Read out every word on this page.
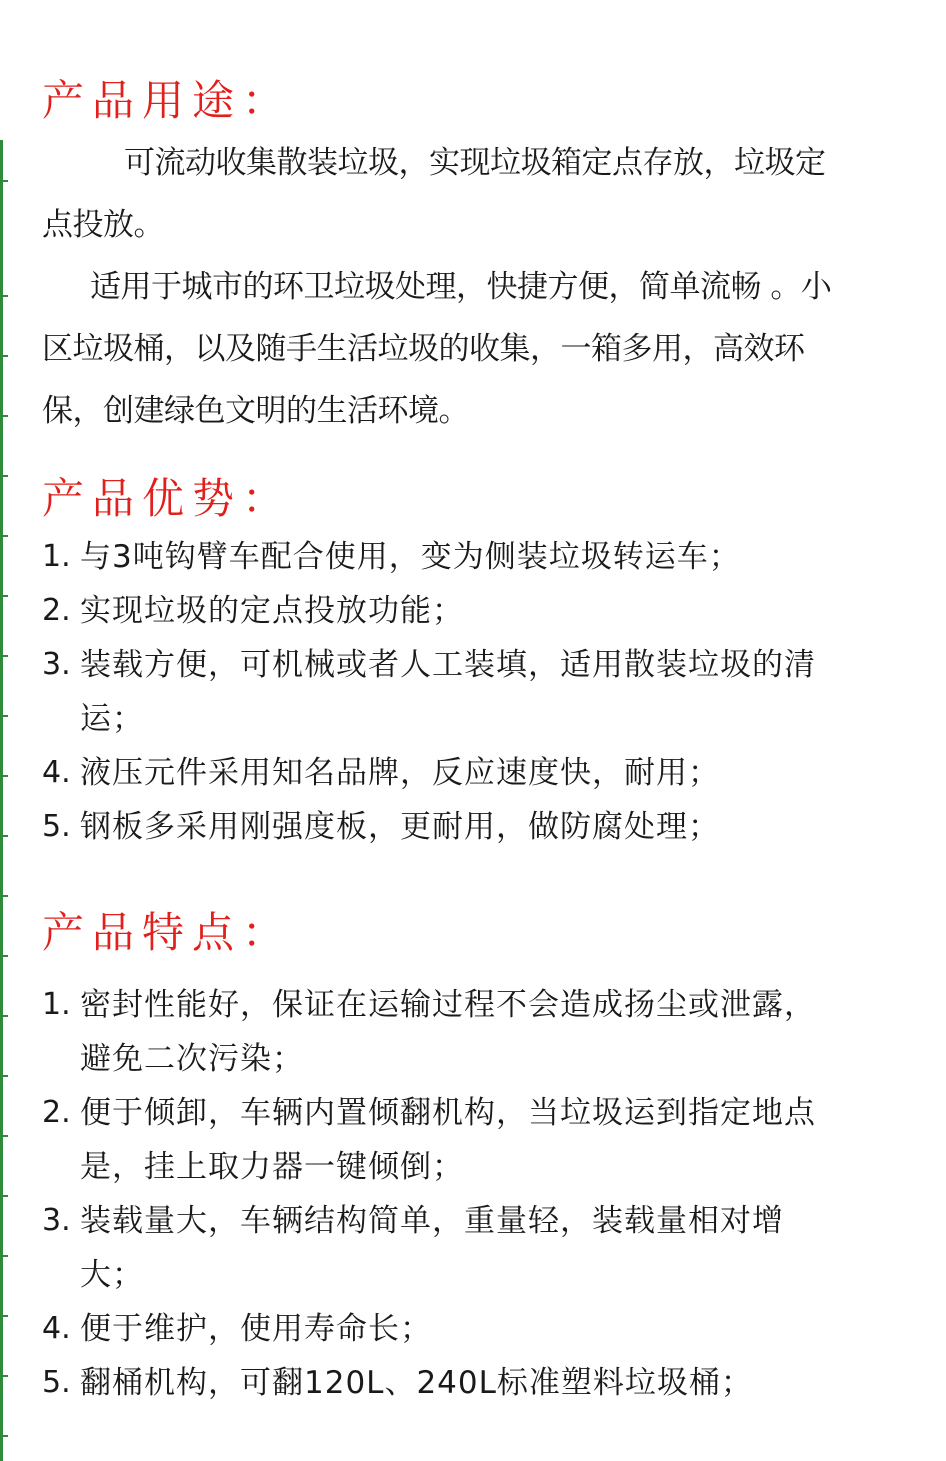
产品用途：

可流动收集散装垃圾，实现垃圾箱定点存放，垃圾定点投放。

适用于城市的环卫垃圾处理，快捷方便，简单流畅 。小区垃圾桶，以及随手生活垃圾的收集，一箱多用，高效环保，创建绿色文明的生活环境。

产品优势：
1. 与3吨钩臂车配合使用，变为侧装垃圾转运车；
2. 实现垃圾的定点投放功能；
3. 装载方便，可机械或者人工装填，适用散装垃圾的清运；
4. 液压元件采用知名品牌，反应速度快，耐用；
5. 钢板多采用刚强度板，更耐用，做防腐处理；
产品特点：
1. 密封性能好，保证在运输过程不会造成扬尘或泄露，避免二次污染；
2. 便于倾卸，车辆内置倾翻机构，当垃圾运到指定地点是，挂上取力器一键倾倒；
3. 装载量大，车辆结构简单，重量轻，装载量相对增大；
4. 便于维护，使用寿命长；
5. 翻桶机构，可翻120L、240L标准塑料垃圾桶；
